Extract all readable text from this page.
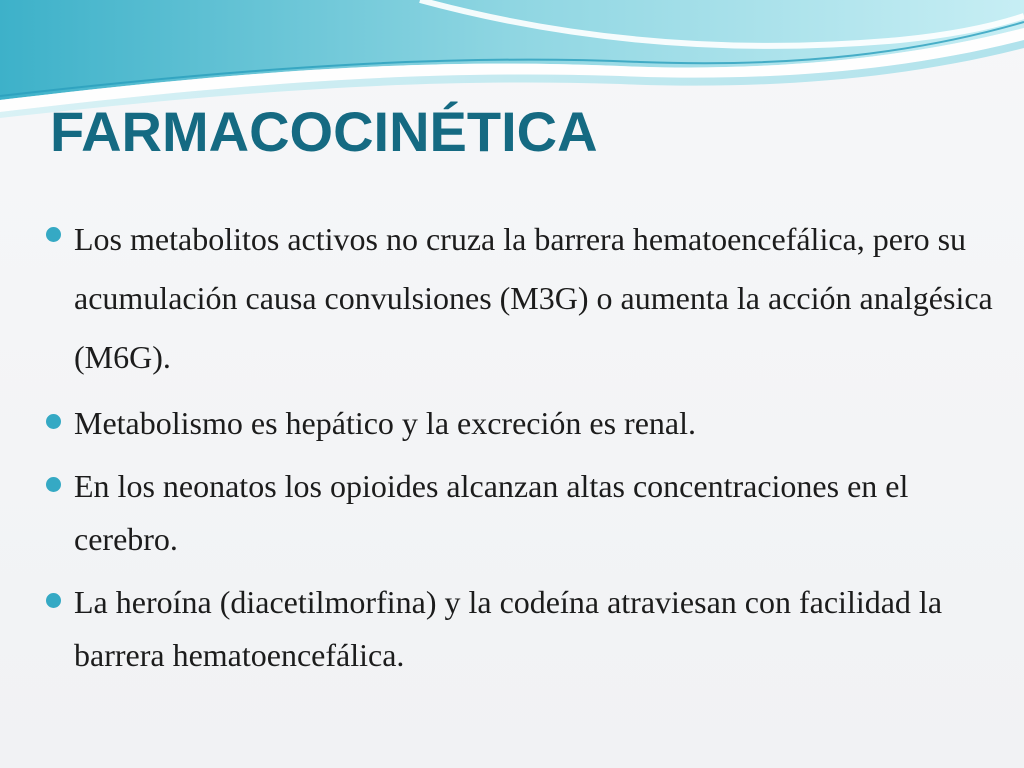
FARMACOCINÉTICA
Los metabolitos activos no cruza la barrera hematoencefálica, pero su acumulación causa convulsiones (M3G) o aumenta la acción analgésica (M6G).
Metabolismo es hepático y la excreción es renal.
En los neonatos los opioides alcanzan altas concentraciones en el cerebro.
La heroína (diacetilmorfina) y la codeína atraviesan con facilidad la barrera hematoencefálica.
